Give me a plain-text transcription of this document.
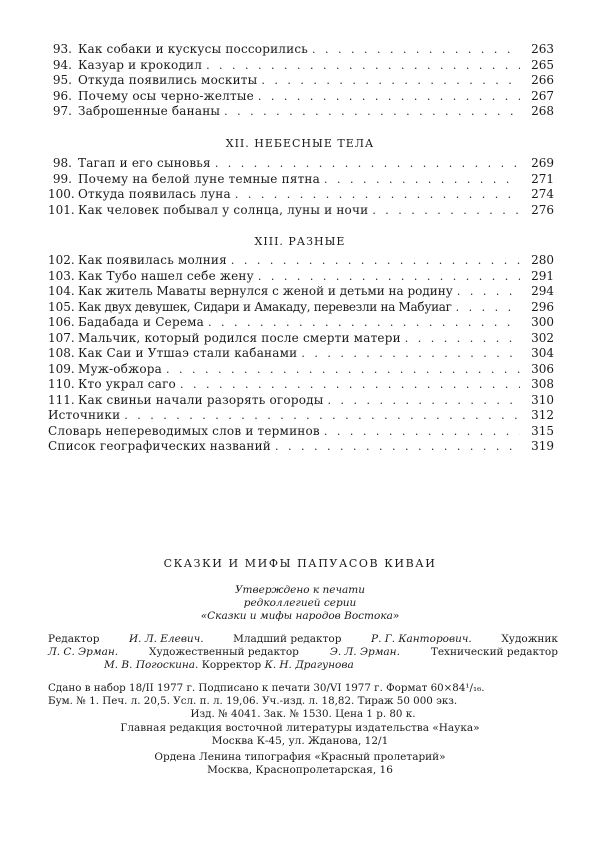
93. Как собаки и кускусы поссорились . . .	263
94. Казуар и крокодил . . .	265
95. Откуда появились москиты . . .	266
96. Почему осы черно-желтые . . .	267
97. Заброшенные бананы . . .	268
XII. НЕБЕСНЫЕ ТЕЛА
98. Тагап и его сыновья . . .	269
99. Почему на белой луне темные пятна . . .	271
100. Откуда появилась луна . . .	274
101. Как человек побывал у солнца, луны и ночи . . .	276
XIII. РАЗНЫЕ
102. Как появилась молния . . .	280
103. Как Тубо нашел себе жену . . .	291
104. Как житель Маваты вернулся с женой и детьми на родину . . .	294
105. Как двух девушек, Сидари и Амакаду, перевезли на Мабуиаг . . .	296
106. Бадабада и Серема . . .	300
107. Мальчик, который родился после смерти матери . . .	302
108. Как Саи и Утшаэ стали кабанами . . .	304
109. Муж-обжора . . .	306
110. Кто украл саго . . .	308
111. Как свиньи начали разорять огороды . . .	310
Источники . . .	312
Словарь непереводимых слов и терминов . . .	315
Список географических названий . . .	319
СКАЗКИ И МИФЫ ПАПУАСОВ КИВАИ
Утверждено к печати
редколлегией серии
«Сказки и мифы народов Востока»
Редактор	И. Л. Елевич.	Младший редактор	Р. Г. Канторович.	Художник
Л. С. Эрман.	Художественный редактор	Э. Л. Эрман.	Технический редактор
М. В. Погоскина. Корректор К. Н. Драгунова
Сдано в набор 18/II 1977 г. Подписано к печати 30/VI 1977 г. Формат 60×84¹/₁₆.
Бум. № 1. Печ. л. 20,5. Усл. п. л. 19,06. Уч.-изд. л. 18,82. Тираж 50 000 экз.
Изд. № 4041. Зак. № 1530. Цена 1 р. 80 к.
Главная редакция восточной литературы издательства «Наука»
Москва К-45, ул. Жданова, 12/1
Ордена Ленина типография «Красный пролетарий»
Москва, Краснопролетарская, 16
